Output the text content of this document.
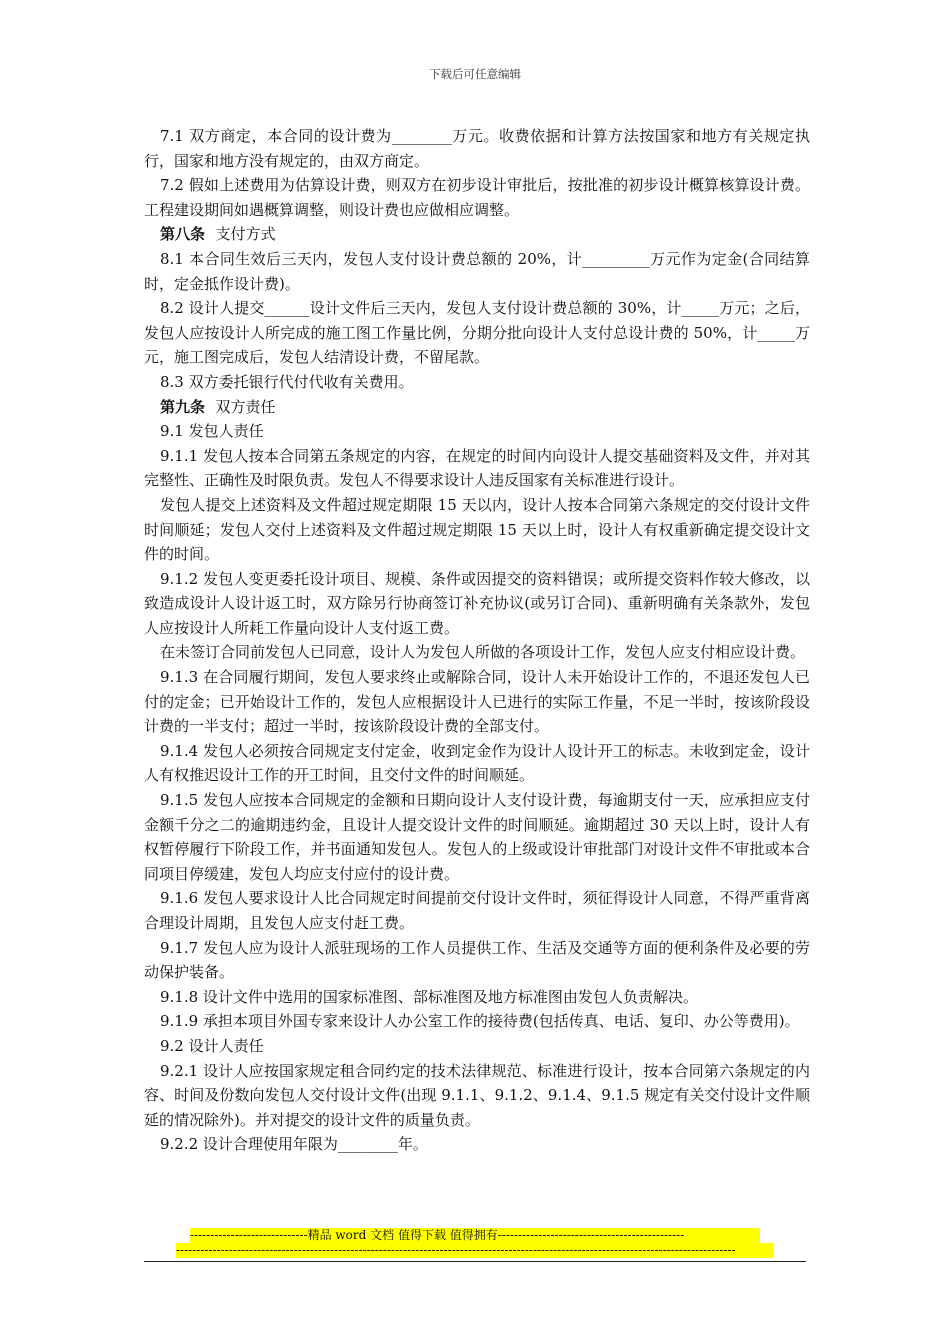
下载后可任意编辑

7.1 双方商定，本合同的设计费为________万元。收费依据和计算方法按国家和地方有关规定执行，国家和地方没有规定的，由双方商定。

7.2 假如上述费用为估算设计费，则双方在初步设计审批后，按批准的初步设计概算核算设计费。工程建设期间如遇概算调整，则设计费也应做相应调整。

第八条 支付方式

8.1 本合同生效后三天内，发包人支付设计费总额的 20%，计_________万元作为定金(合同结算时，定金抵作设计费)。

8.2 设计人提交______设计文件后三天内，发包人支付设计费总额的 30%，计_____万元；之后，发包人应按设计人所完成的施工图工作量比例，分期分批向设计人支付总设计费的 50%，计_____万元，施工图完成后，发包人结清设计费，不留尾款。

8.3 双方委托银行代付代收有关费用。

第九条 双方责任

9.1 发包人责任

9.1.1 发包人按本合同第五条规定的内容，在规定的时间内向设计人提交基础资料及文件，并对其完整性、正确性及时限负责。发包人不得要求设计人违反国家有关标准进行设计。

发包人提交上述资料及文件超过规定期限 15 天以内，设计人按本合同第六条规定的交付设计文件时间顺延；发包人交付上述资料及文件超过规定期限 15 天以上时，设计人有权重新确定提交设计文件的时间。

9.1.2 发包人变更委托设计项目、规模、条件或因提交的资料错误；或所提交资料作较大修改，以致造成设计人设计返工时，双方除另行协商签订补充协议(或另订合同)、重新明确有关条款外，发包人应按设计人所耗工作量向设计人支付返工费。

在未签订合同前发包人已同意，设计人为发包人所做的各项设计工作，发包人应支付相应设计费。

9.1.3 在合同履行期间，发包人要求终止或解除合同，设计人未开始设计工作的，不退还发包人已付的定金；已开始设计工作的，发包人应根据设计人已进行的实际工作量，不足一半时，按该阶段设计费的一半支付；超过一半时，按该阶段设计费的全部支付。

9.1.4 发包人必须按合同规定支付定金，收到定金作为设计人设计开工的标志。未收到定金，设计人有权推迟设计工作的开工时间，且交付文件的时间顺延。

9.1.5 发包人应按本合同规定的金额和日期向设计人支付设计费，每逾期支付一天，应承担应支付金额千分之二的逾期违约金，且设计人提交设计文件的时间顺延。逾期超过 30 天以上时，设计人有权暂停履行下阶段工作，并书面通知发包人。发包人的上级或设计审批部门对设计文件不审批或本合同项目停缓建，发包人均应支付应付的设计费。

9.1.6 发包人要求设计人比合同规定时间提前交付设计文件时，须征得设计人同意，不得严重背离合理设计周期，且发包人应支付赶工费。

9.1.7 发包人应为设计人派驻现场的工作人员提供工作、生活及交通等方面的便利条件及必要的劳动保护装备。

9.1.8 设计文件中选用的国家标准图、部标准图及地方标准图由发包人负责解决。

9.1.9 承担本项目外国专家来设计人办公室工作的接待费(包括传真、电话、复印、办公等费用)。

9.2 设计人责任

9.2.1 设计人应按国家规定租合同约定的技术法律规范、标准进行设计，按本合同第六条规定的内容、时间及份数向发包人交付设计文件(出现 9.1.1、9.1.2、9.1.4、9.1.5 规定有关交付设计文件顺延的情况除外)。并对提交的设计文件的质量负责。

9.2.2 设计合理使用年限为________年。

-----------------------------精品 word 文档 值得下载 值得拥有----------------------------------------------
------------------------------------------------------------------------------------------------------------------------------------------
